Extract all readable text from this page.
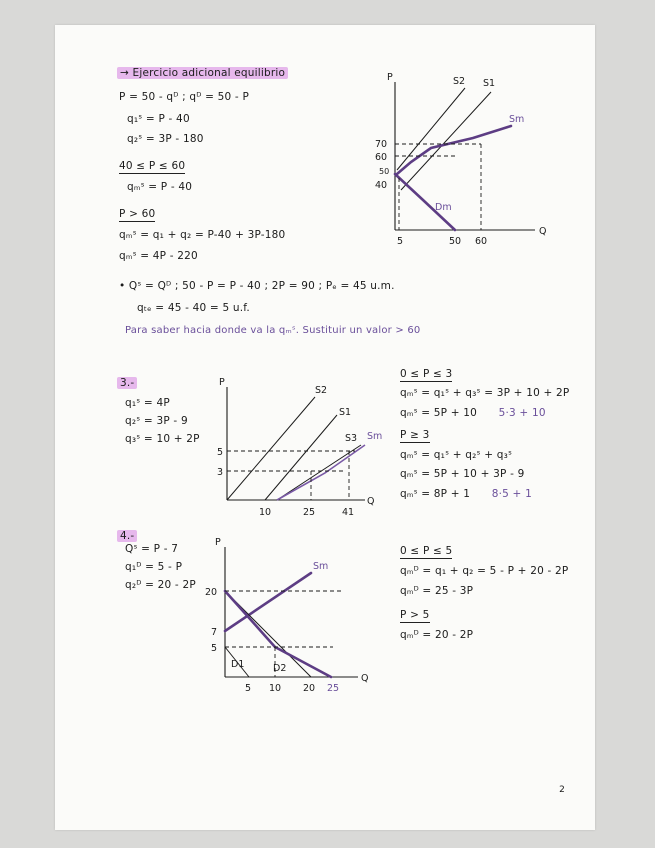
→ Ejercicio adicional equilibrio
P = 50 - qᴰ ; qᴰ = 50 - P
q₁ˢ = P - 40
q₂ˢ = 3P - 180
40 ≤ P ≤ 60
qₘˢ = P - 40
P > 60
qₘˢ = q₁ + q₂ = P-40 + 3P-180
qₘˢ = 4P - 220
• Qˢ = Qᴰ ; 50 - P = P - 40 ; 2P = 90 ; Pₑ = 45 u.m.
qₜₑ = 45 - 40 = 5 u.f.
Para saber hacia donde va la qₘˢ. Sustituir un valor > 60
P
Q
S2 S1
Sm
Dm
70
60
50
40
5	50 60
3.-
q₁ˢ = 4P
q₂ˢ = 3P - 9
q₃ˢ = 10 + 2P
P
Q
S2
S1
S3 Sm
5
3
10	25	41
0 ≤ P ≤ 3
qₘˢ = q₁ˢ + q₃ˢ = 3P + 10 + 2P
qₘˢ = 5P + 10 5·3 + 10
P ≥ 3
qₘˢ = q₁ˢ + q₂ˢ + q₃ˢ
qₘˢ = 5P + 10 + 3P - 9
qₘˢ = 8P + 1 8·5 + 1
4.-
Qˢ = P - 7
q₁ᴰ = 5 - P
q₂ᴰ = 20 - 2P
P
Q
Sm
D1	D2
20
7
5
5 10 20 25
0 ≤ P ≤ 5
qₘᴰ = q₁ + q₂ = 5 - P + 20 - 2P
qₘᴰ = 25 - 3P
P > 5
qₘᴰ = 20 - 2P
2
